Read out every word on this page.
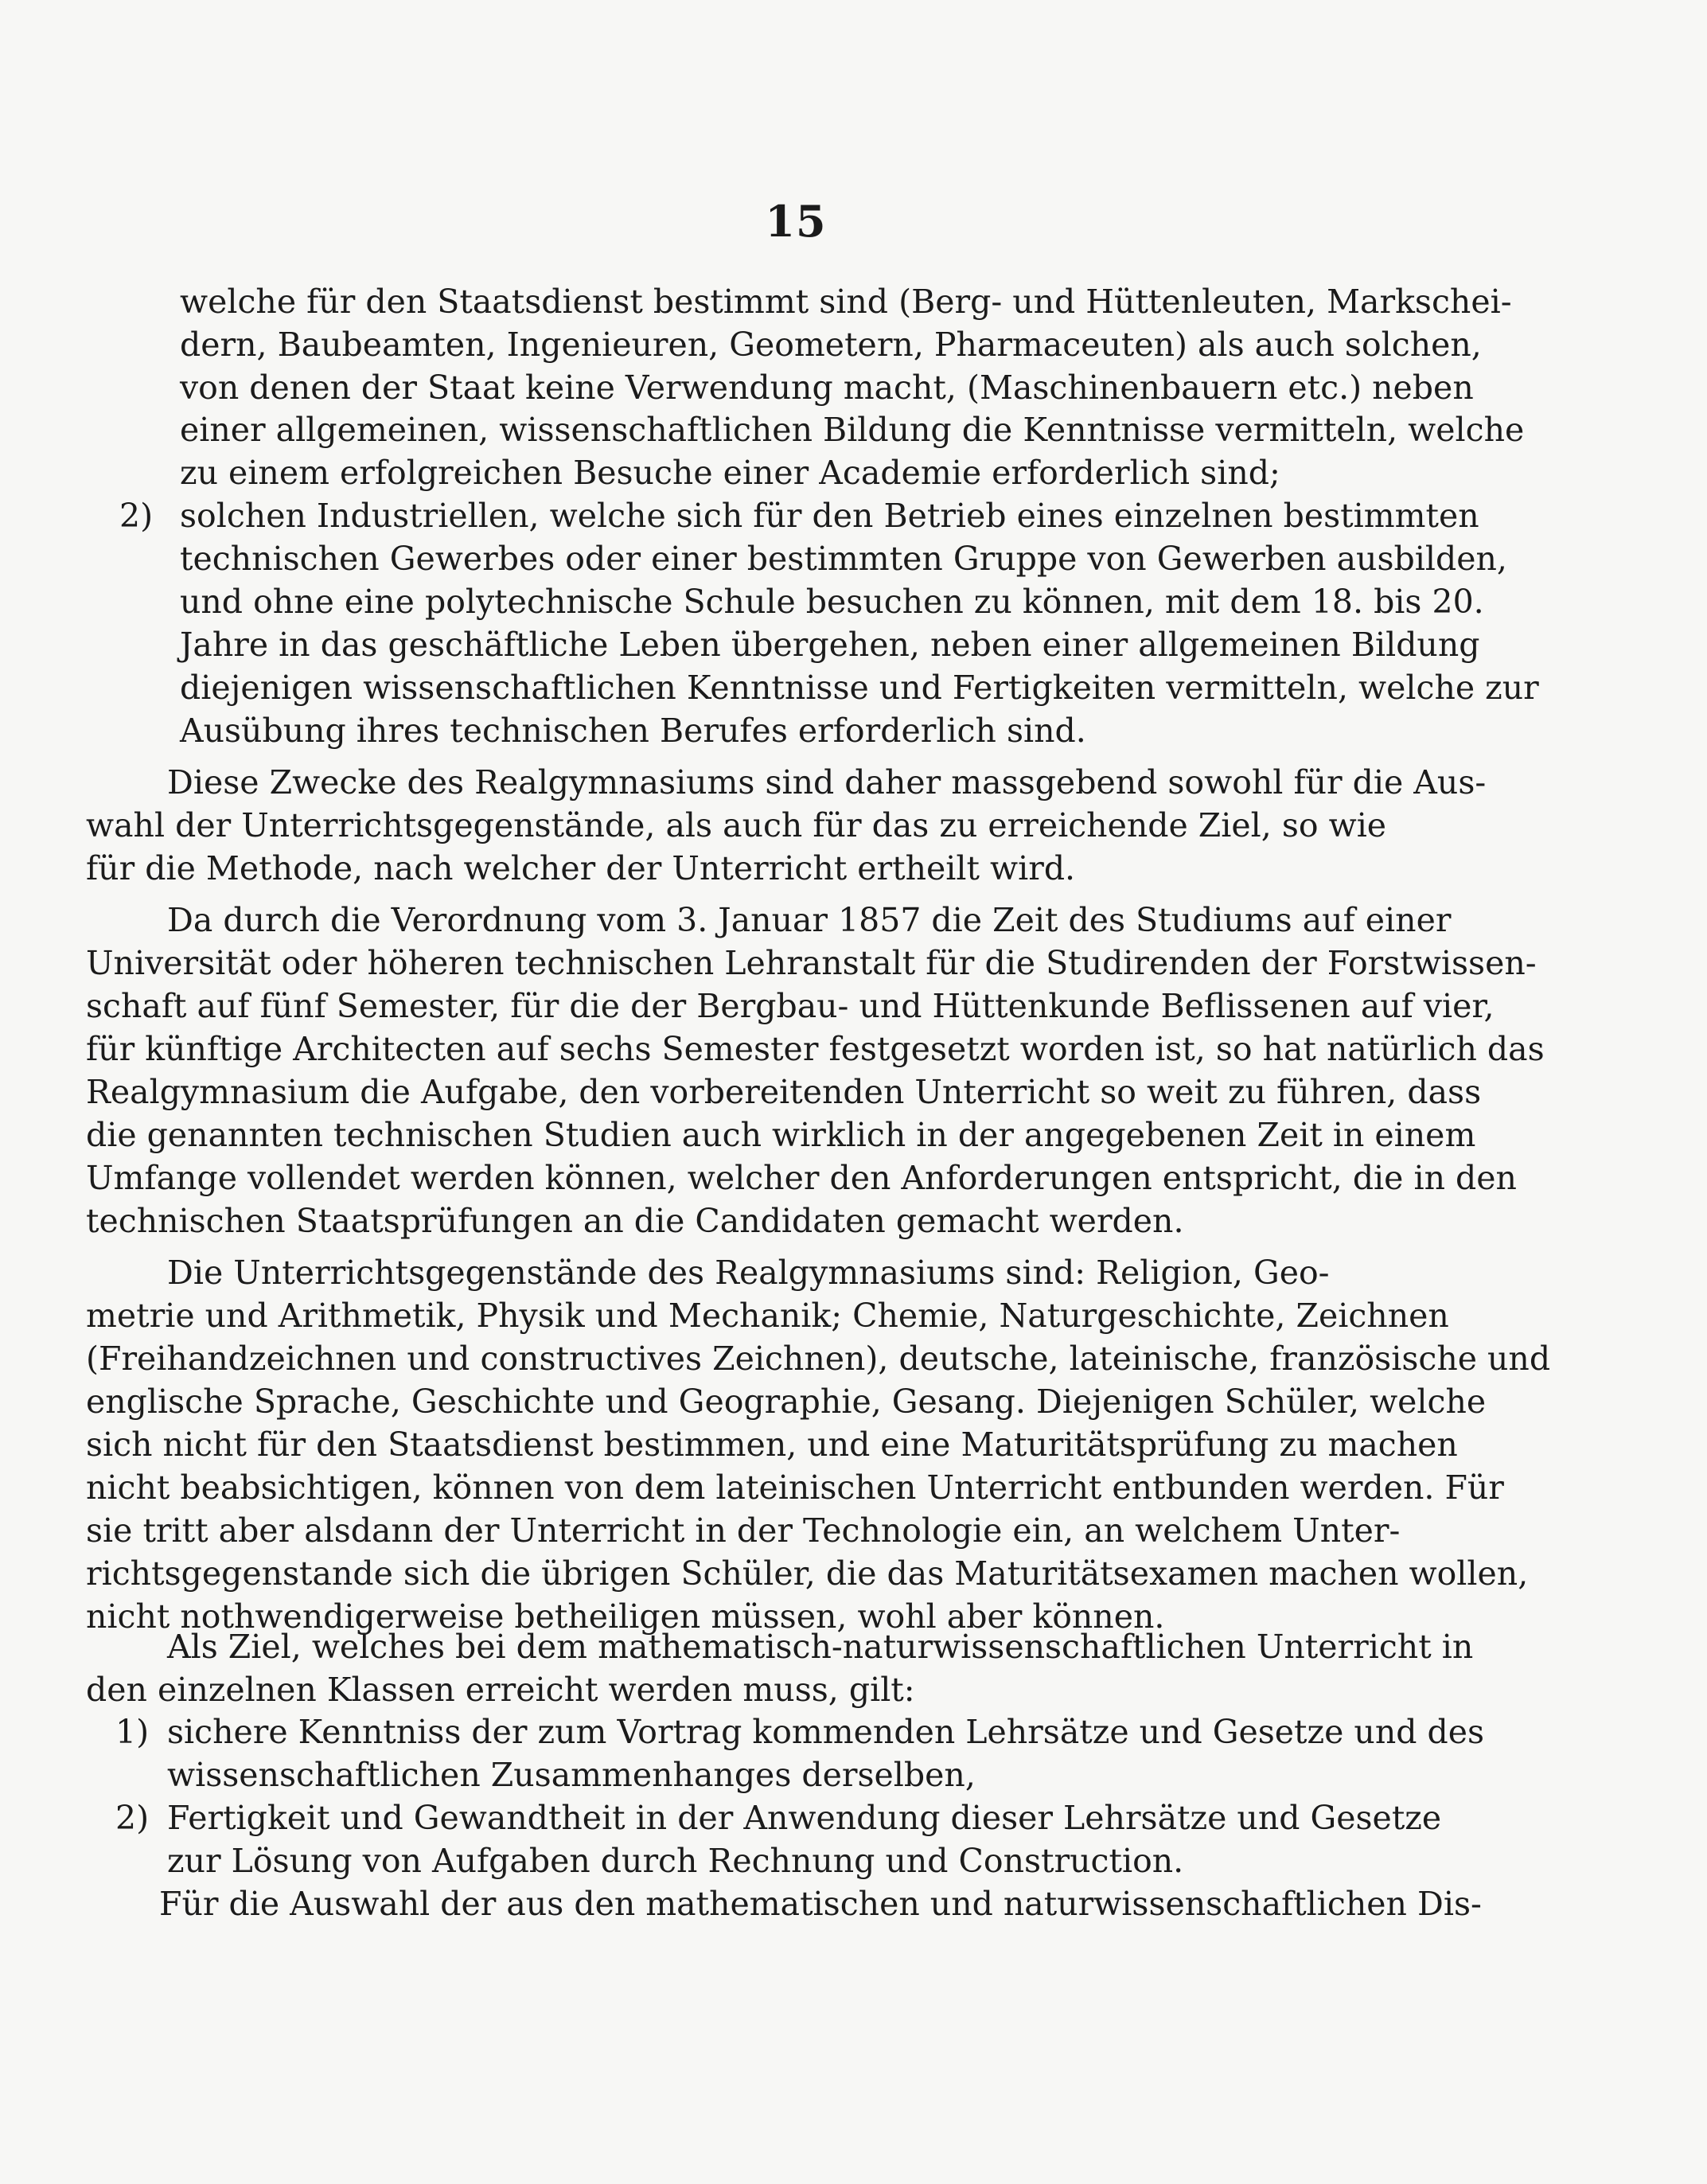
15
welche für den Staatsdienst bestimmt sind (Berg- und Hüttenleuten, Markschei-
dern, Baubeamten, Ingenieuren, Geometern, Pharmaceuten) als auch solchen,
von denen der Staat keine Verwendung macht, (Maschinenbauern etc.) neben
einer allgemeinen, wissenschaftlichen Bildung die Kenntnisse vermitteln, welche
zu einem erfolgreichen Besuche einer Academie erforderlich sind;
2) solchen Industriellen, welche sich für den Betrieb eines einzelnen bestimmten
technischen Gewerbes oder einer bestimmten Gruppe von Gewerben ausbilden,
und ohne eine polytechnische Schule besuchen zu können, mit dem 18. bis 20.
Jahre in das geschäftliche Leben übergehen, neben einer allgemeinen Bildung
diejenigen wissenschaftlichen Kenntnisse und Fertigkeiten vermitteln, welche zur
Ausübung ihres technischen Berufes erforderlich sind.
Diese Zwecke des Realgymnasiums sind daher massgebend sowohl für die Aus-
wahl der Unterrichtsgegenstände, als auch für das zu erreichende Ziel, so wie
für die Methode, nach welcher der Unterricht ertheilt wird.
Da durch die Verordnung vom 3. Januar 1857 die Zeit des Studiums auf einer
Universität oder höheren technischen Lehranstalt für die Studirenden der Forstwissen-
schaft auf fünf Semester, für die der Bergbau- und Hüttenkunde Beflissenen auf vier,
für künftige Architecten auf sechs Semester festgesetzt worden ist, so hat natürlich das
Realgymnasium die Aufgabe, den vorbereitenden Unterricht so weit zu führen, dass
die genannten technischen Studien auch wirklich in der angegebenen Zeit in einem
Umfange vollendet werden können, welcher den Anforderungen entspricht, die in den
technischen Staatsprüfungen an die Candidaten gemacht werden.
Die Unterrichtsgegenstände des Realgymnasiums sind: Religion, Geo-
metrie und Arithmetik, Physik und Mechanik; Chemie, Naturgeschichte, Zeichnen
(Freihandzeichnen und constructives Zeichnen), deutsche, lateinische, französische und
englische Sprache, Geschichte und Geographie, Gesang. Diejenigen Schüler, welche
sich nicht für den Staatsdienst bestimmen, und eine Maturitätsprüfung zu machen
nicht beabsichtigen, können von dem lateinischen Unterricht entbunden werden. Für
sie tritt aber alsdann der Unterricht in der Technologie ein, an welchem Unter-
richtsgegenstande sich die übrigen Schüler, die das Maturitätsexamen machen wollen,
nicht nothwendigerweise betheiligen müssen, wohl aber können.
Als Ziel, welches bei dem mathematisch-naturwissenschaftlichen Unterricht in
den einzelnen Klassen erreicht werden muss, gilt:
1) sichere Kenntniss der zum Vortrag kommenden Lehrsätze und Gesetze und des
wissenschaftlichen Zusammenhanges derselben,
2) Fertigkeit und Gewandtheit in der Anwendung dieser Lehrsätze und Gesetze
zur Lösung von Aufgaben durch Rechnung und Construction.
Für die Auswahl der aus den mathematischen und naturwissenschaftlichen Dis-
